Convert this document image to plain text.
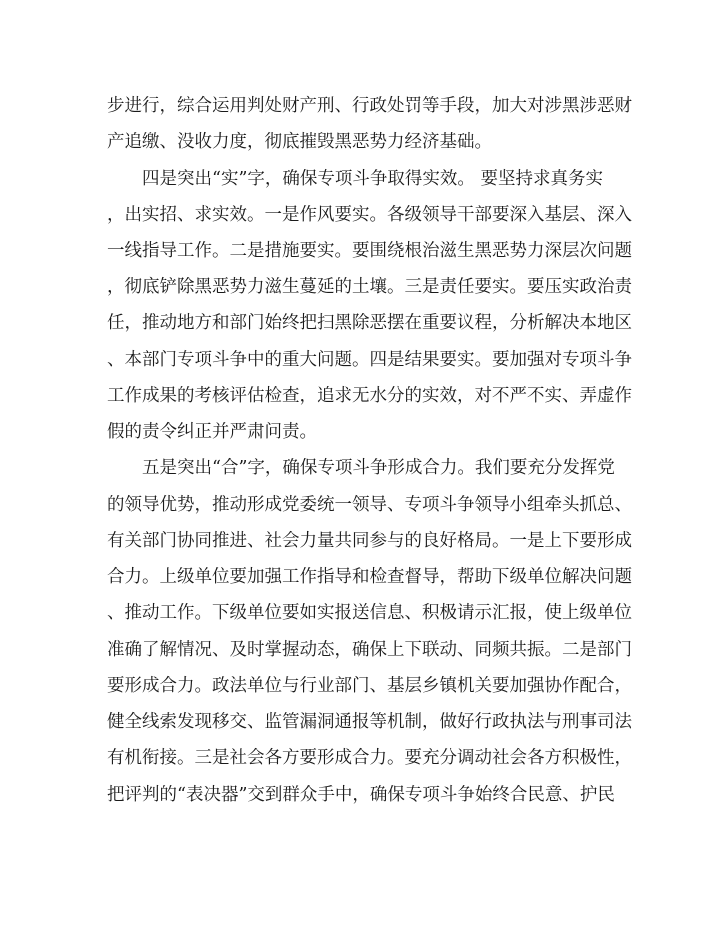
步进行，综合运用判处财产刑、行政处罚等手段，加大对涉黑涉恶财
产追缴、没收力度，彻底摧毁黑恶势力经济基础。
四是突出“实”字，确保专项斗争取得实效。 要坚持求真务实
，出实招、求实效。一是作风要实。各级领导干部要深入基层、深入
一线指导工作。二是措施要实。要围绕根治滋生黑恶势力深层次问题
，彻底铲除黑恶势力滋生蔓延的土壤。三是责任要实。要压实政治责
任，推动地方和部门始终把扫黑除恶摆在重要议程，分析解决本地区
、本部门专项斗争中的重大问题。四是结果要实。要加强对专项斗争
工作成果的考核评估检查，追求无水分的实效，对不严不实、弄虚作
假的责令纠正并严肃问责。
五是突出“合”字，确保专项斗争形成合力。我们要充分发挥党
的领导优势，推动形成党委统一领导、专项斗争领导小组牵头抓总、
有关部门协同推进、社会力量共同参与的良好格局。一是上下要形成
合力。上级单位要加强工作指导和检查督导，帮助下级单位解决问题
、推动工作。下级单位要如实报送信息、积极请示汇报，使上级单位
准确了解情况、及时掌握动态，确保上下联动、同频共振。二是部门
要形成合力。政法单位与行业部门、基层乡镇机关要加强协作配合，
健全线索发现移交、监管漏洞通报等机制，做好行政执法与刑事司法
有机衔接。三是社会各方要形成合力。要充分调动社会各方积极性，
把评判的“表决器”交到群众手中，确保专项斗争始终合民意、护民
